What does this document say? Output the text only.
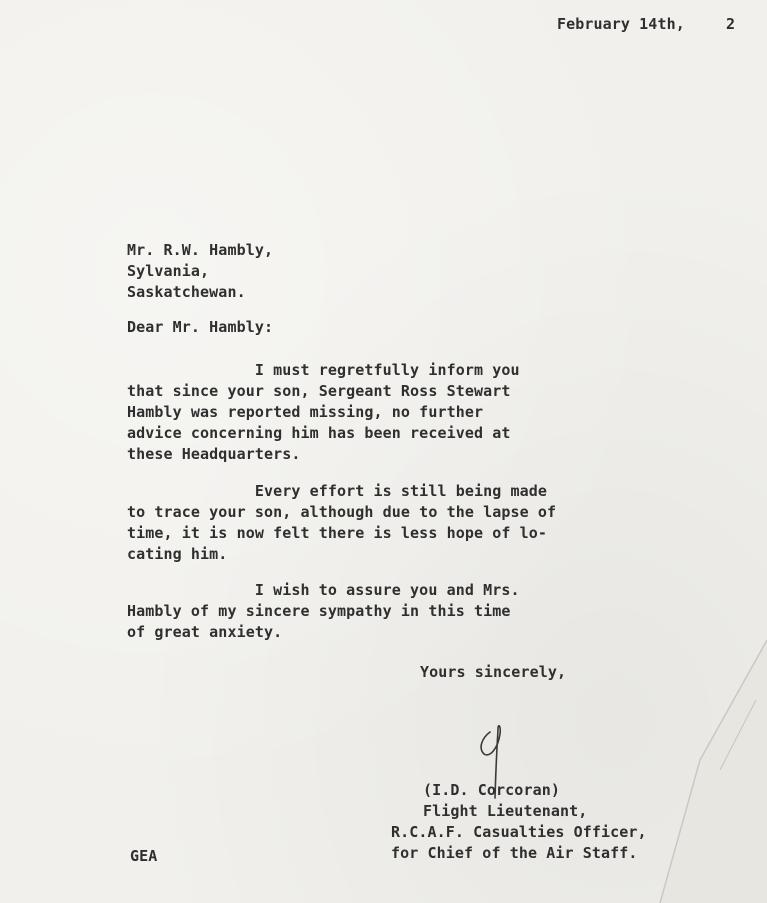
February 14th,	2
Mr. R.W. Hambly,
Sylvania,
Saskatchewan.
Dear Mr. Hambly:
I must regretfully inform you
that since your son, Sergeant Ross Stewart
Hambly was reported missing, no further
advice concerning him has been received at
these Headquarters.
Every effort is still being made
to trace your son, although due to the lapse of
time, it is now felt there is less hope of lo-
cating him.
I wish to assure you and Mrs.
Hambly of my sincere sympathy in this time
of great anxiety.
Yours sincerely,
(I.D. Corcoran)
Flight Lieutenant,
R.C.A.F. Casualties Officer,
for Chief of the Air Staff.
GEA
